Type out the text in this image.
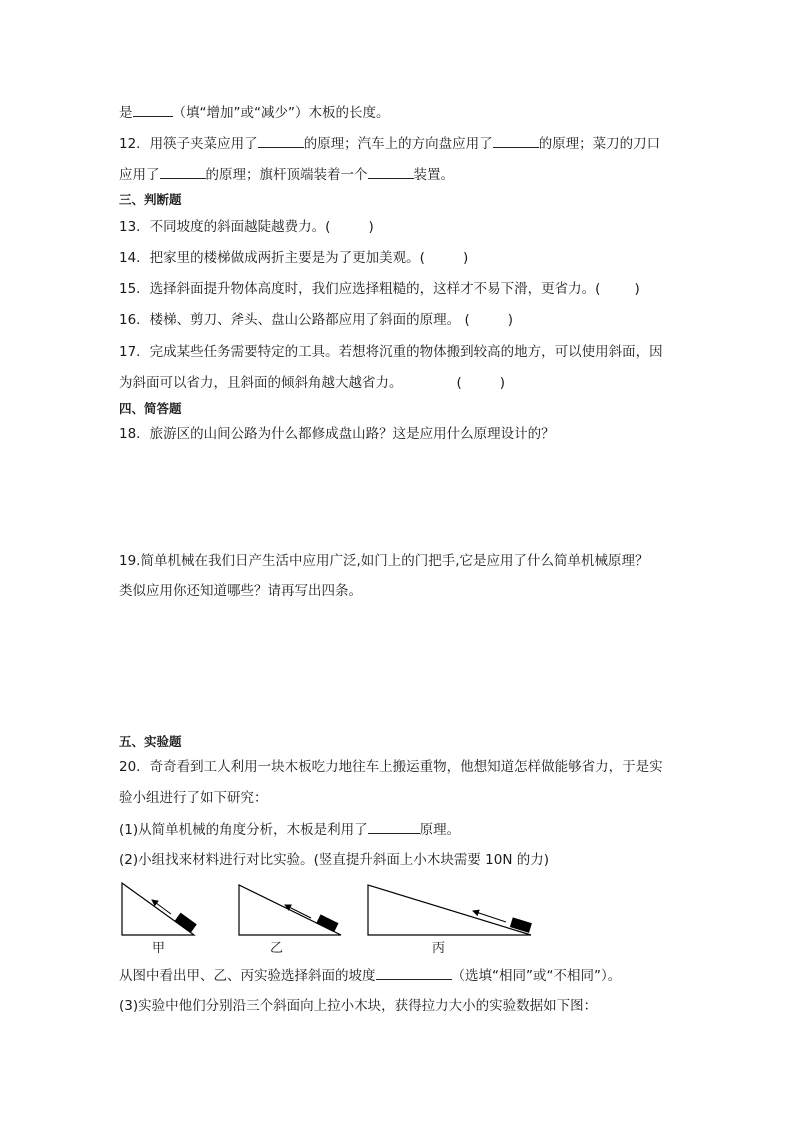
是	（填“增加”或“减少”）木板的长度。
12．用筷子夹菜应用了	的原理；汽车上的方向盘应用了	的原理；菜刀的刀口
应用了	的原理；旗杆顶端装着一个	装置。
三、判断题
13．不同坡度的斜面越陡越费力。(	)
14．把家里的楼梯做成两折主要是为了更加美观。(	)
15．选择斜面提升物体高度时，我们应选择粗糙的，这样才不易下滑，更省力。(	)
16．楼梯、剪刀、斧头、盘山公路都应用了斜面的原理。 (	)
17．完成某些任务需要特定的工具。若想将沉重的物体搬到较高的地方，可以使用斜面，因
为斜面可以省力，且斜面的倾斜角越大越省力。	(	)
四、简答题
18．旅游区的山间公路为什么都修成盘山路？这是应用什么原理设计的？
19.简单机械在我们日产生活中应用广泛,如门上的门把手,它是应用了什么简单机械原理？
类似应用你还知道哪些？请再写出四条。
五、实验题
20．奇奇看到工人利用一块木板吃力地往车上搬运重物，他想知道怎样做能够省力，于是实
验小组进行了如下研究：
(1)从简单机械的角度分析，木板是利用了	原理。
(2)小组找来材料进行对比实验。(竖直提升斜面上小木块需要 10N 的力)
甲	乙	丙
从图中看出甲、乙、丙实验选择斜面的坡度	（选填“相同”或“不相同”）。
(3)实验中他们分别沿三个斜面向上拉小木块，获得拉力大小的实验数据如下图：
